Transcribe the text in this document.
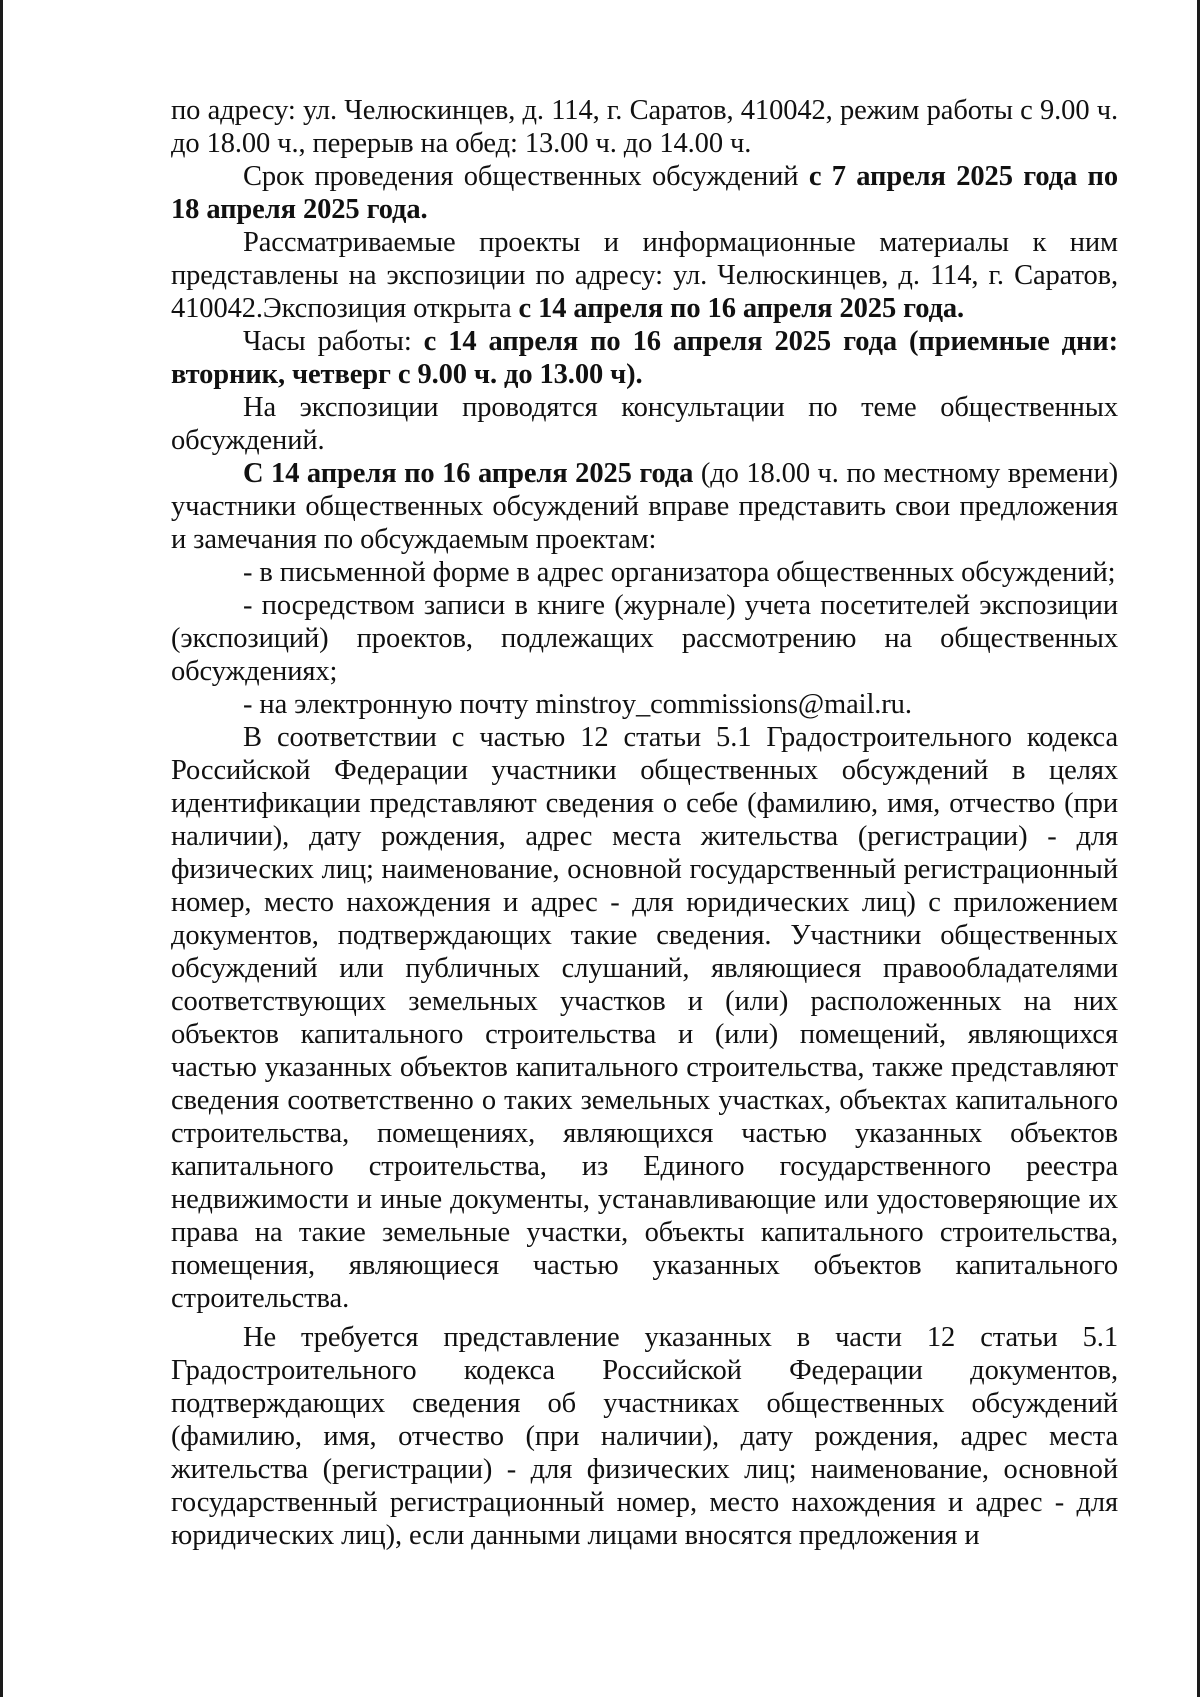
по адресу: ул. Челюскинцев, д. 114, г. Саратов, 410042, режим работы с 9.00 ч. до 18.00 ч., перерыв на обед: 13.00 ч. до 14.00 ч.

Срок проведения общественных обсуждений с 7 апреля 2025 года по 18 апреля 2025 года.

Рассматриваемые проекты и информационные материалы к ним представлены на экспозиции по адресу: ул. Челюскинцев, д. 114, г. Саратов, 410042.Экспозиция открыта с 14 апреля по 16 апреля 2025 года.

Часы работы: с 14 апреля по 16 апреля 2025 года (приемные дни: вторник, четверг с 9.00 ч. до 13.00 ч).

На экспозиции проводятся консультации по теме общественных обсуждений.

С 14 апреля по 16 апреля 2025 года (до 18.00 ч. по местному времени) участники общественных обсуждений вправе представить свои предложения и замечания по обсуждаемым проектам:

- в письменной форме в адрес организатора общественных обсуждений;

- посредством записи в книге (журнале) учета посетителей экспозиции (экспозиций) проектов, подлежащих рассмотрению на общественных обсуждениях;

- на электронную почту minstroy_commissions@mail.ru.

В соответствии с частью 12 статьи 5.1 Градостроительного кодекса Российской Федерации участники общественных обсуждений в целях идентификации представляют сведения о себе (фамилию, имя, отчество (при наличии), дату рождения, адрес места жительства (регистрации) - для физических лиц; наименование, основной государственный регистрационный номер, место нахождения и адрес - для юридических лиц) с приложением документов, подтверждающих такие сведения. Участники общественных обсуждений или публичных слушаний, являющиеся правообладателями соответствующих земельных участков и (или) расположенных на них объектов капитального строительства и (или) помещений, являющихся частью указанных объектов капитального строительства, также представляют сведения соответственно о таких земельных участках, объектах капитального строительства, помещениях, являющихся частью указанных объектов капитального строительства, из Единого государственного реестра недвижимости и иные документы, устанавливающие или удостоверяющие их права на такие земельные участки, объекты капитального строительства, помещения, являющиеся частью указанных объектов капитального строительства.

Не требуется представление указанных в части 12 статьи 5.1 Градостроительного кодекса Российской Федерации документов, подтверждающих сведения об участниках общественных обсуждений (фамилию, имя, отчество (при наличии), дату рождения, адрес места жительства (регистрации) - для физических лиц; наименование, основной государственный регистрационный номер, место нахождения и адрес - для юридических лиц), если данными лицами вносятся предложения и
